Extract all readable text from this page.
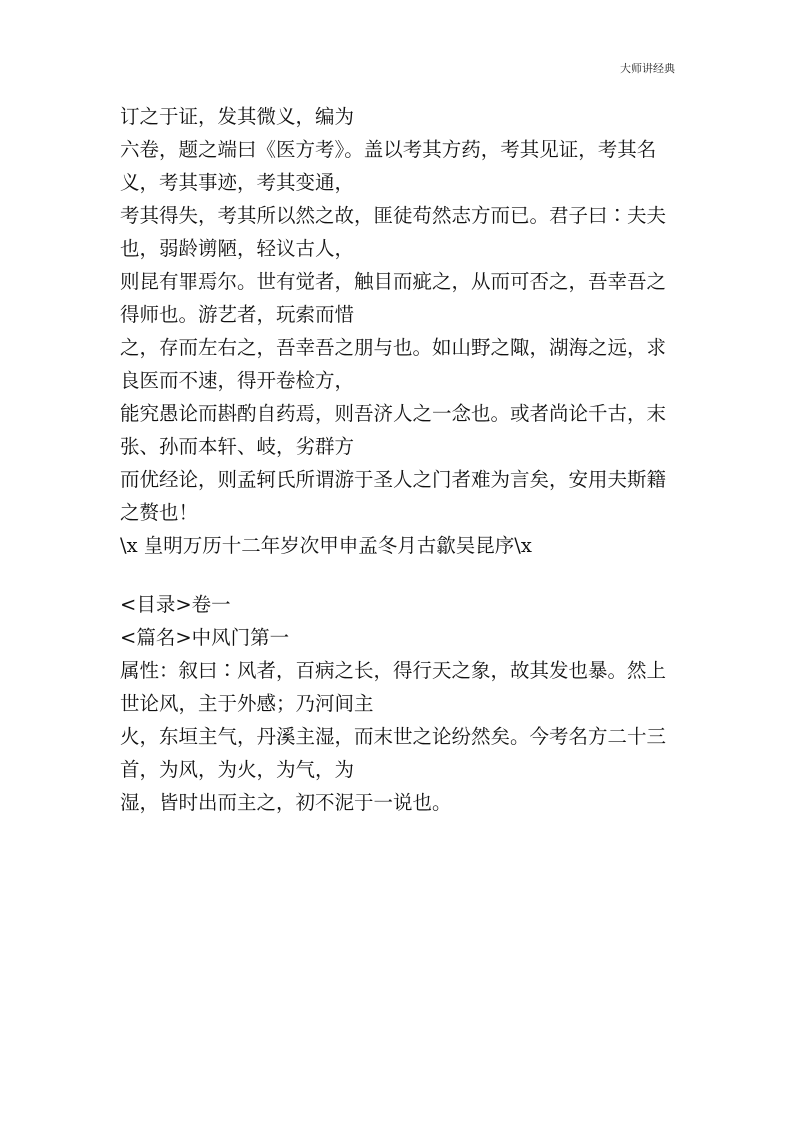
大师讲经典
订之于证，发其微义，编为
六卷，题之端曰《医方考》。盖以考其方药，考其见证，考其名
义，考其事迹，考其变通，
考其得失，考其所以然之故，匪徒苟然志方而已。君子曰∶夫夫
也，弱龄谫陋，轻议古人，
则昆有罪焉尔。世有觉者，触目而疵之，从而可否之，吾幸吾之
得师也。游艺者，玩索而惜
之，存而左右之，吾幸吾之朋与也。如山野之陬，湖海之远，求
良医而不速，得开卷检方，
能究愚论而斟酌自药焉，则吾济人之一念也。或者尚论千古，末
张、孙而本轩、岐，劣群方
而优经论，则孟轲氏所谓游于圣人之门者难为言矣，安用夫斯籍
之赘也！
\x 皇明万历十二年岁次甲申孟冬月古歙吴昆序\x
<目录>卷一
<篇名>中风门第一
属性：叙曰∶风者，百病之长，得行天之象，故其发也暴。然上
世论风，主于外感；乃河间主
火，东垣主气，丹溪主湿，而末世之论纷然矣。今考名方二十三
首，为风，为火，为气，为
湿，皆时出而主之，初不泥于一说也。
